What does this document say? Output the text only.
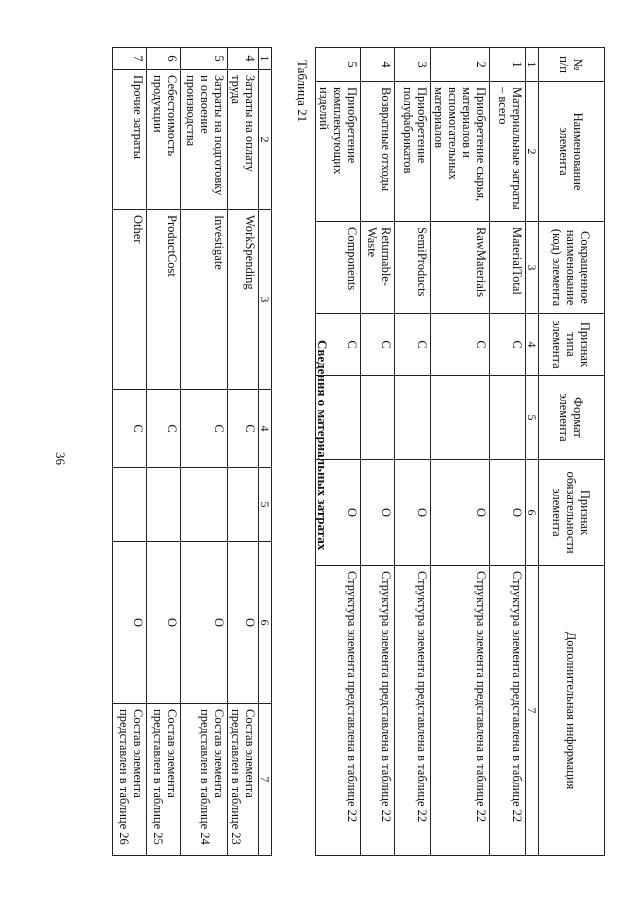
36
1	2	3	4	5	6	7
4	Затраты на оплату труда	WorkSpending	C		O	Состав элемента представлен в таблице 23
5	Затраты на подготовку и освоение производства	Investigate	C		O	Состав элемента представлен в таблице 24
6	Себестоимость продукции	ProductCost	C		O	Состав элемента представлен в таблице 25
7	Прочие затраты	Other	C		O	Состав элемента представлен в таблице 26
Таблица 21
Сведения о материальных затратах
№ п/п	Наименование элемента	Сокращенное наименование (код) элемента	Признак типа элемента	Формат элемента	Признак обязательности элемента	Дополнительная информация
1	2	3	4	5	6	7
1	Материальные затраты – всего	MaterialTotal	C		O	Структура элемента представлена в таблице 22
2	Приобретение сырья, материалов и вспомогательных материалов	RawMaterials	C		O	Структура элемента представлена в таблице 22
3	Приобретение полуфабрикатов	SemiProducts	C		O	Структура элемента представлена в таблице 22
4	Возвратные отходы	Returnable-Waste	C		O	Структура элемента представлена в таблице 22
5	Приобретение комплектующих изделий	Components	C		O	Структура элемента представлена в таблице 22
